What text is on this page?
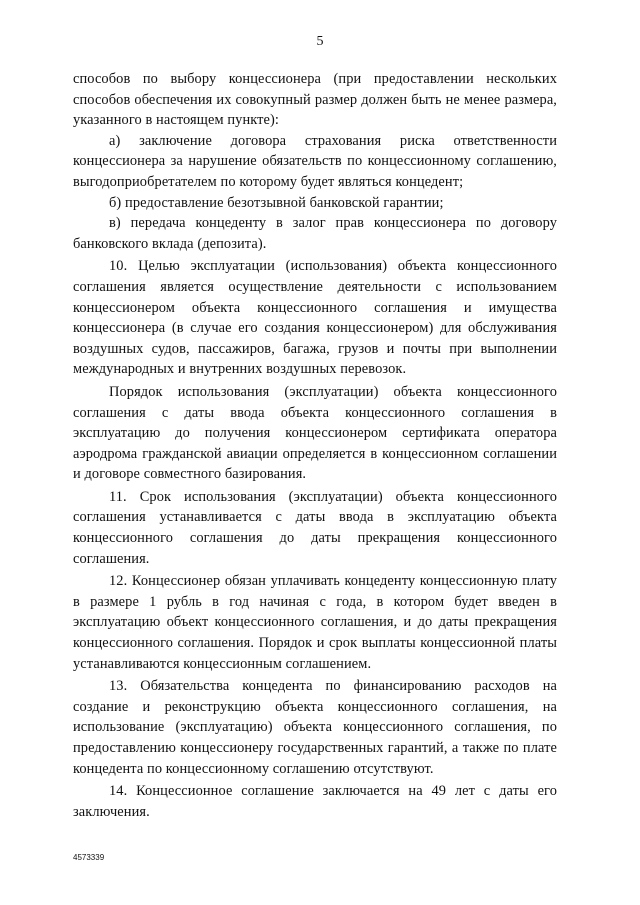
5

способов по выбору концессионера (при предоставлении нескольких способов обеспечения их совокупный размер должен быть не менее размера, указанного в настоящем пункте):

а) заключение договора страхования риска ответственности концессионера за нарушение обязательств по концессионному соглашению, выгодоприобретателем по которому будет являться концедент;

б) предоставление безотзывной банковской гарантии;

в) передача концеденту в залог прав концессионера по договору банковского вклада (депозита).

10. Целью эксплуатации (использования) объекта концессионного соглашения является осуществление деятельности с использованием концессионером объекта концессионного соглашения и имущества концессионера (в случае его создания концессионером) для обслуживания воздушных судов, пассажиров, багажа, грузов и почты при выполнении международных и внутренних воздушных перевозок.

Порядок использования (эксплуатации) объекта концессионного соглашения с даты ввода объекта концессионного соглашения в эксплуатацию до получения концессионером сертификата оператора аэродрома гражданской авиации определяется в концессионном соглашении и договоре совместного базирования.

11. Срок использования (эксплуатации) объекта концессионного соглашения устанавливается с даты ввода в эксплуатацию объекта концессионного соглашения до даты прекращения концессионного соглашения.

12. Концессионер обязан уплачивать концеденту концессионную плату в размере 1 рубль в год начиная с года, в котором будет введен в эксплуатацию объект концессионного соглашения, и до даты прекращения концессионного соглашения. Порядок и срок выплаты концессионной платы устанавливаются концессионным соглашением.

13. Обязательства концедента по финансированию расходов на создание и реконструкцию объекта концессионного соглашения, на использование (эксплуатацию) объекта концессионного соглашения, по предоставлению концессионеру государственных гарантий, а также по плате концедента по концессионному соглашению отсутствуют.

14. Концессионное соглашение заключается на 49 лет с даты его заключения.

4573339
